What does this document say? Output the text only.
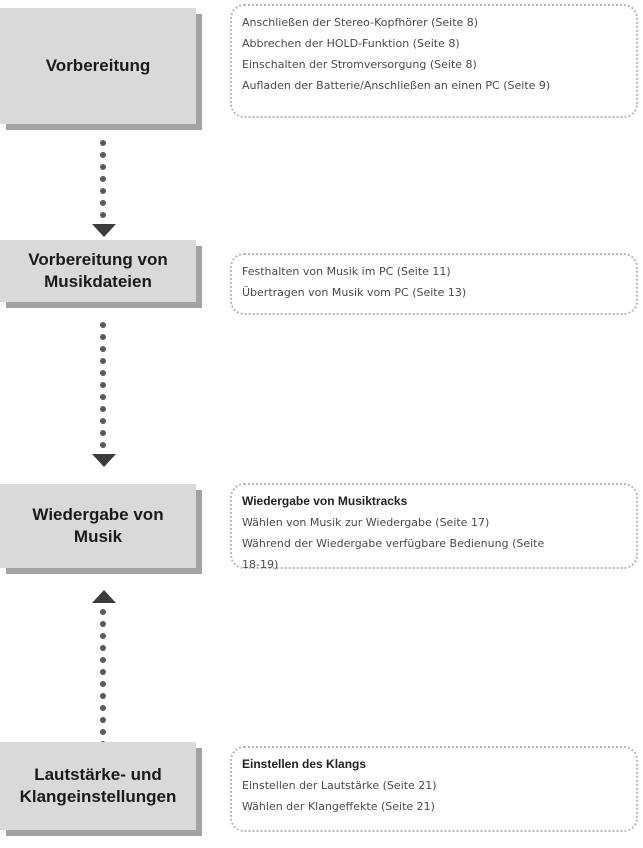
Vorbereitung
Anschließen der Stereo-Kopfhörer (Seite 8)
Abbrechen der HOLD-Funktion (Seite 8)
Einschalten der Stromversorgung (Seite 8)
Aufladen der Batterie/Anschließen an einen PC (Seite 9)
Vorbereitung von
Musikdateien
Festhalten von Musik im PC (Seite 11)
Übertragen von Musik vom PC (Seite 13)
Wiedergabe von
Musik
Wiedergabe von Musiktracks
Wählen von Musik zur Wiedergabe (Seite 17)
Während der Wiedergabe verfügbare Bedienung (Seite
18-19)
Lautstärke- und
Klangeinstellungen
Einstellen des Klangs
Einstellen der Lautstärke (Seite 21)
Wählen der Klangeffekte (Seite 21)
